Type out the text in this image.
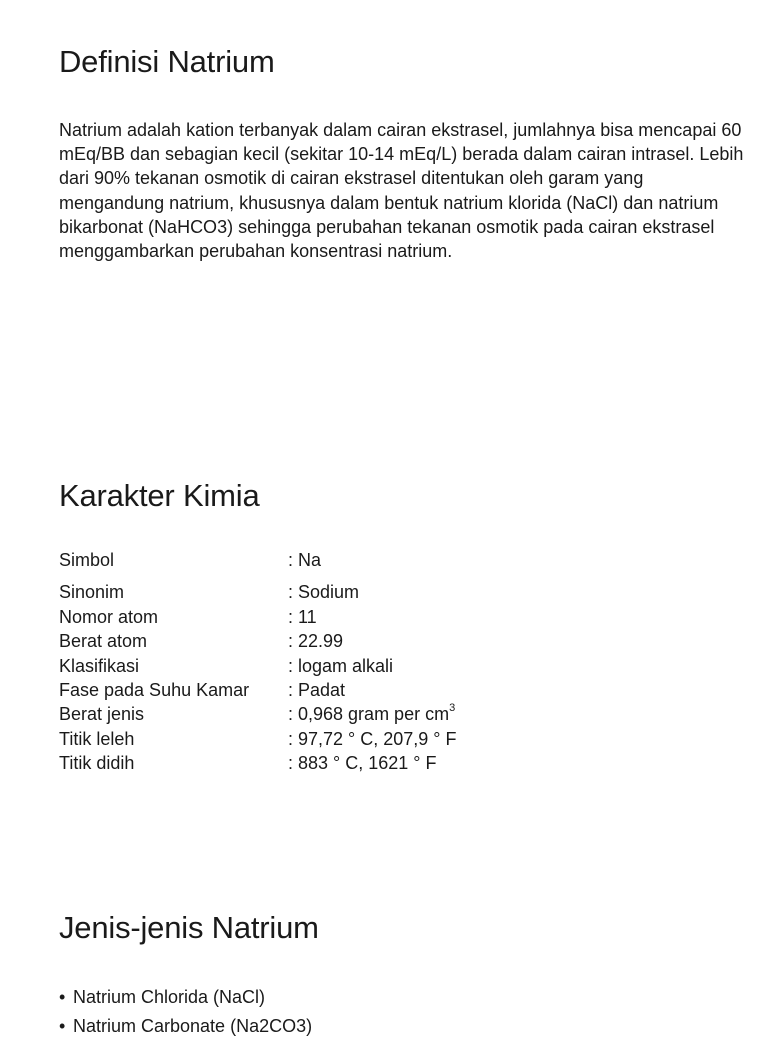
Definisi Natrium

Natrium adalah kation terbanyak dalam cairan ekstrasel, jumlahnya bisa mencapai 60 mEq/BB dan sebagian kecil (sekitar 10-14 mEq/L) berada dalam cairan intrasel. Lebih dari 90% tekanan osmotik di cairan ekstrasel ditentukan oleh garam yang mengandung natrium, khususnya dalam bentuk natrium klorida (NaCl) dan natrium bikarbonat (NaHCO3) sehingga perubahan tekanan osmotik pada cairan ekstrasel menggambarkan perubahan konsentrasi natrium.

Karakter Kimia
Simbol	: Na
Sinonim	: Sodium
Nomor atom	: 11
Berat atom	: 22.99
Klasifikasi	: logam alkali
Fase pada Suhu Kamar	: Padat
Berat jenis	: 0,968 gram per $cm^3$
Titik leleh	: 97,72 ° C, 207,9 ° F
Titik didih	: 883 ° C, 1621 ° F
Jenis-jenis Natrium
• Natrium Chlorida (NaCl)
• Natrium Carbonate (Na2CO3)
